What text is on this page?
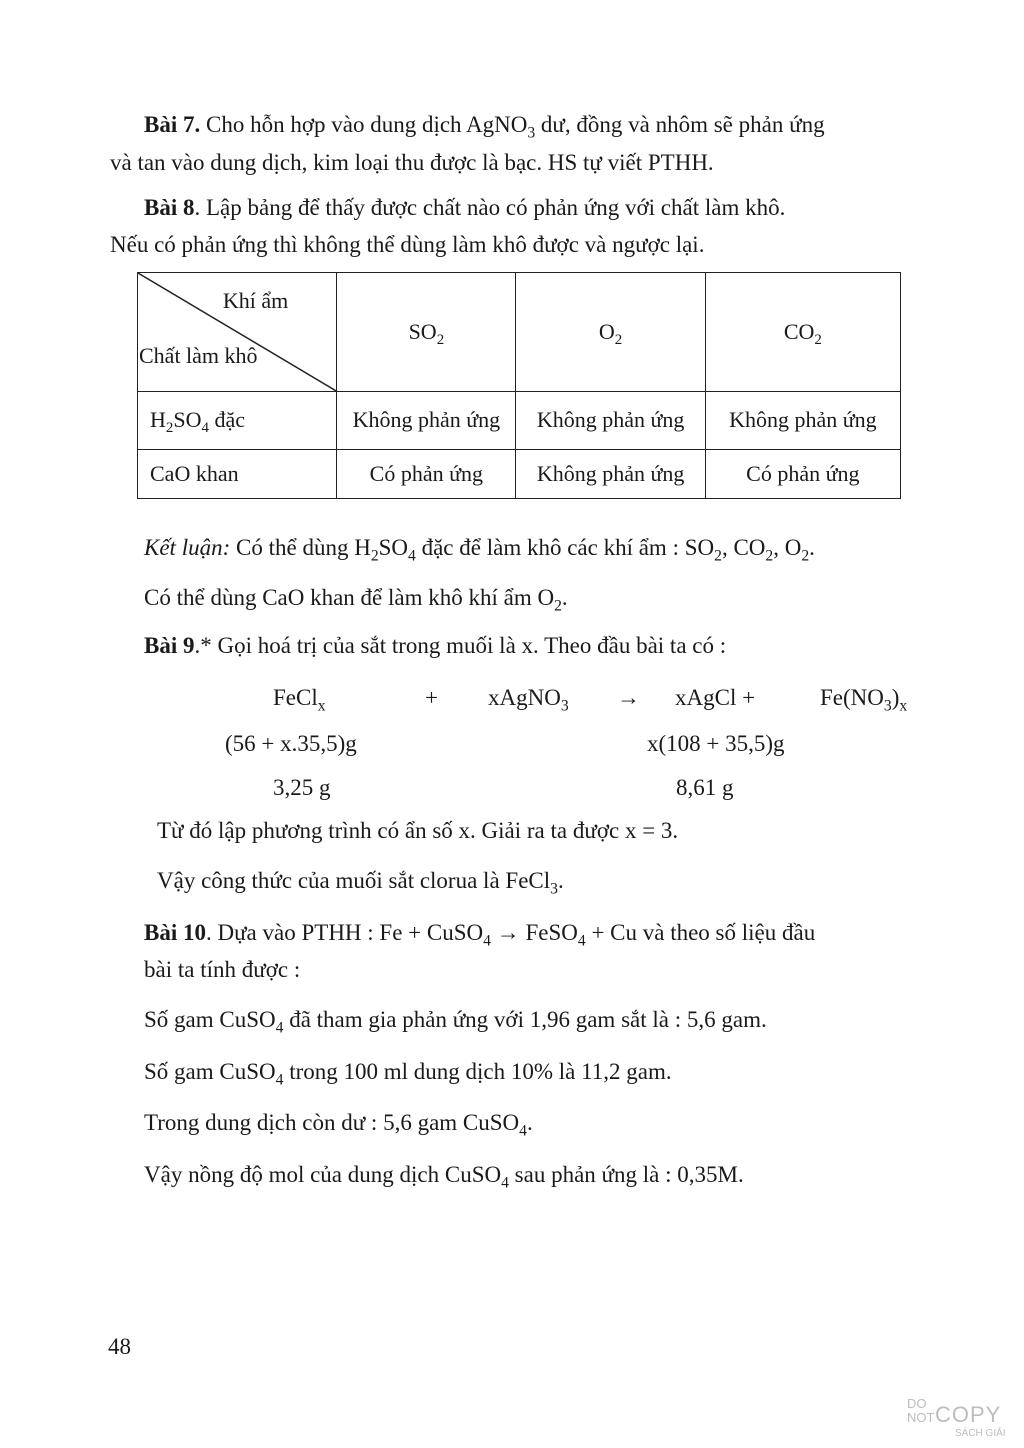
Bài 7. Cho hỗn hợp vào dung dịch AgNO$_3$ dư, đồng và nhôm sẽ phản ứng
và tan vào dung dịch, kim loại thu được là bạc. HS tự viết PTHH.
Bài 8. Lập bảng để thấy được chất nào có phản ứng với chất làm khô.
Nếu có phản ứng thì không thể dùng làm khô được và ngược lại.
Khí ẩm
Chất làm khô	$SO_2$	$O_2$	$CO_2$
$H_2SO_4$ đặc	Không phản ứng	Không phản ứng	Không phản ứng
CaO khan	Có phản ứng	Không phản ứng	Có phản ứng
Kết luận: Có thể dùng $H_2SO_4$ đặc để làm khô các khí ẩm : $SO_2$, $CO_2$, $O_2$.
Có thể dùng CaO khan để làm khô khí ẩm $O_2$.
Bài 9.* Gọi hoá trị của sắt trong muối là x. Theo đầu bài ta có :
FeCl$_x$	+ xAgNO$_3$ → xAgCl +	$Fe(NO_3)_x$
(56 + x.35,5)g	x(108 + 35,5)g
3,25 g	8,61 g
Từ đó lập phương trình có ẩn số x. Giải ra ta được x = 3.
Vậy công thức của muối sắt clorua là FeCl$_3$.
Bài 10. Dựa vào PTHH : Fe + CuSO$_4$ → FeSO$_4$ + Cu và theo số liệu đầu
bài ta tính được :
Số gam CuSO$_4$ đã tham gia phản ứng với 1,96 gam sắt là : 5,6 gam.
Số gam CuSO$_4$ trong 100 ml dung dịch 10% là 11,2 gam.
Trong dung dịch còn dư : 5,6 gam CuSO$_4$.
Vậy nồng độ mol của dung dịch CuSO$_4$ sau phản ứng là : 0,35M.
48
DO
NOT COPY
SÁCH GIẢI
